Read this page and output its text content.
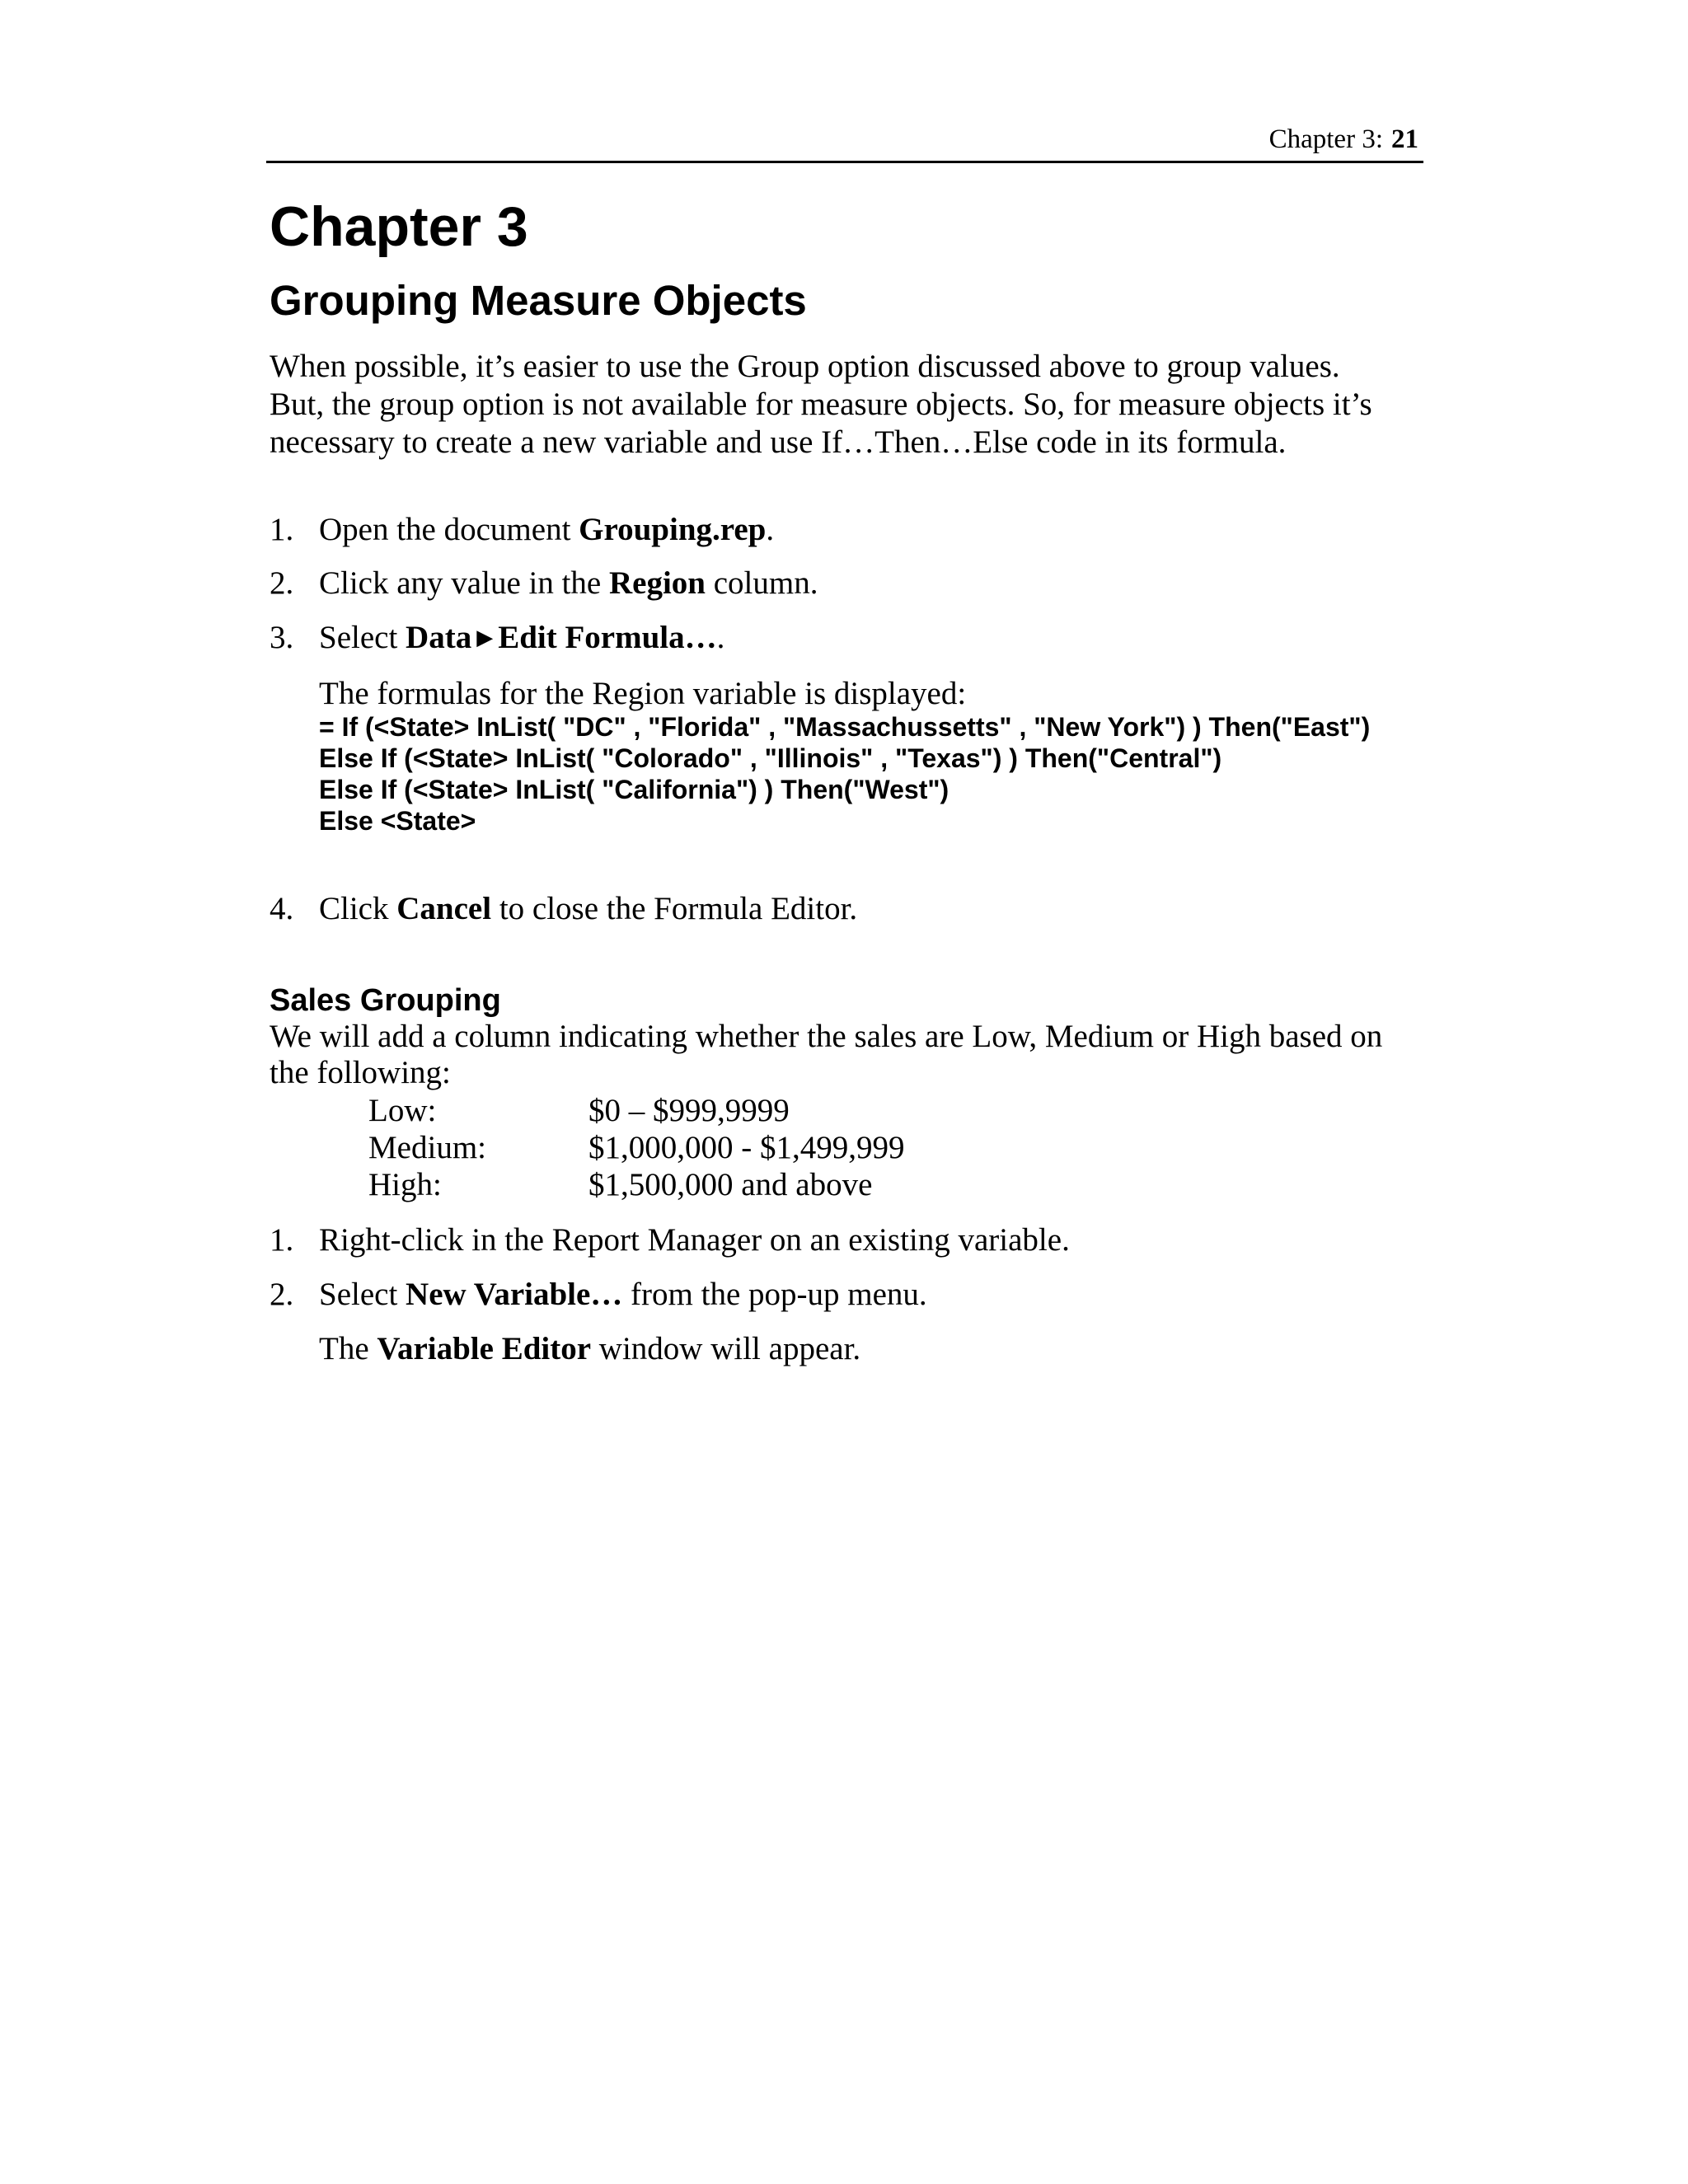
Chapter 3: 21
Chapter 3
Grouping Measure Objects

When possible, it’s easier to use the Group option discussed above to group values.
But, the group option is not available for measure objects. So, for measure objects it’s
necessary to create a new variable and use If…Then…Else code in its formula.

1. Open the document Grouping.rep.
2. Click any value in the Region column.
3. Select Data ▶ Edit Formula….
The formulas for the Region variable is displayed:
= If (<State> InList( "DC" , "Florida" , "Massachussetts" , "New York") ) Then("East")
Else If (<State> InList( "Colorado" , "Illinois" , "Texas") ) Then("Central")
Else If (<State> InList( "California") ) Then("West")
Else <State>
4. Click Cancel to close the Formula Editor.
Sales Grouping

We will add a column indicating whether the sales are Low, Medium or High based on
the following:

Low:	$0 – $999,9999
Medium:	$1,000,000 - $1,499,999
High:	$1,500,000 and above
1. Right-click in the Report Manager on an existing variable.
2. Select New Variable… from the pop-up menu.
The Variable Editor window will appear.
